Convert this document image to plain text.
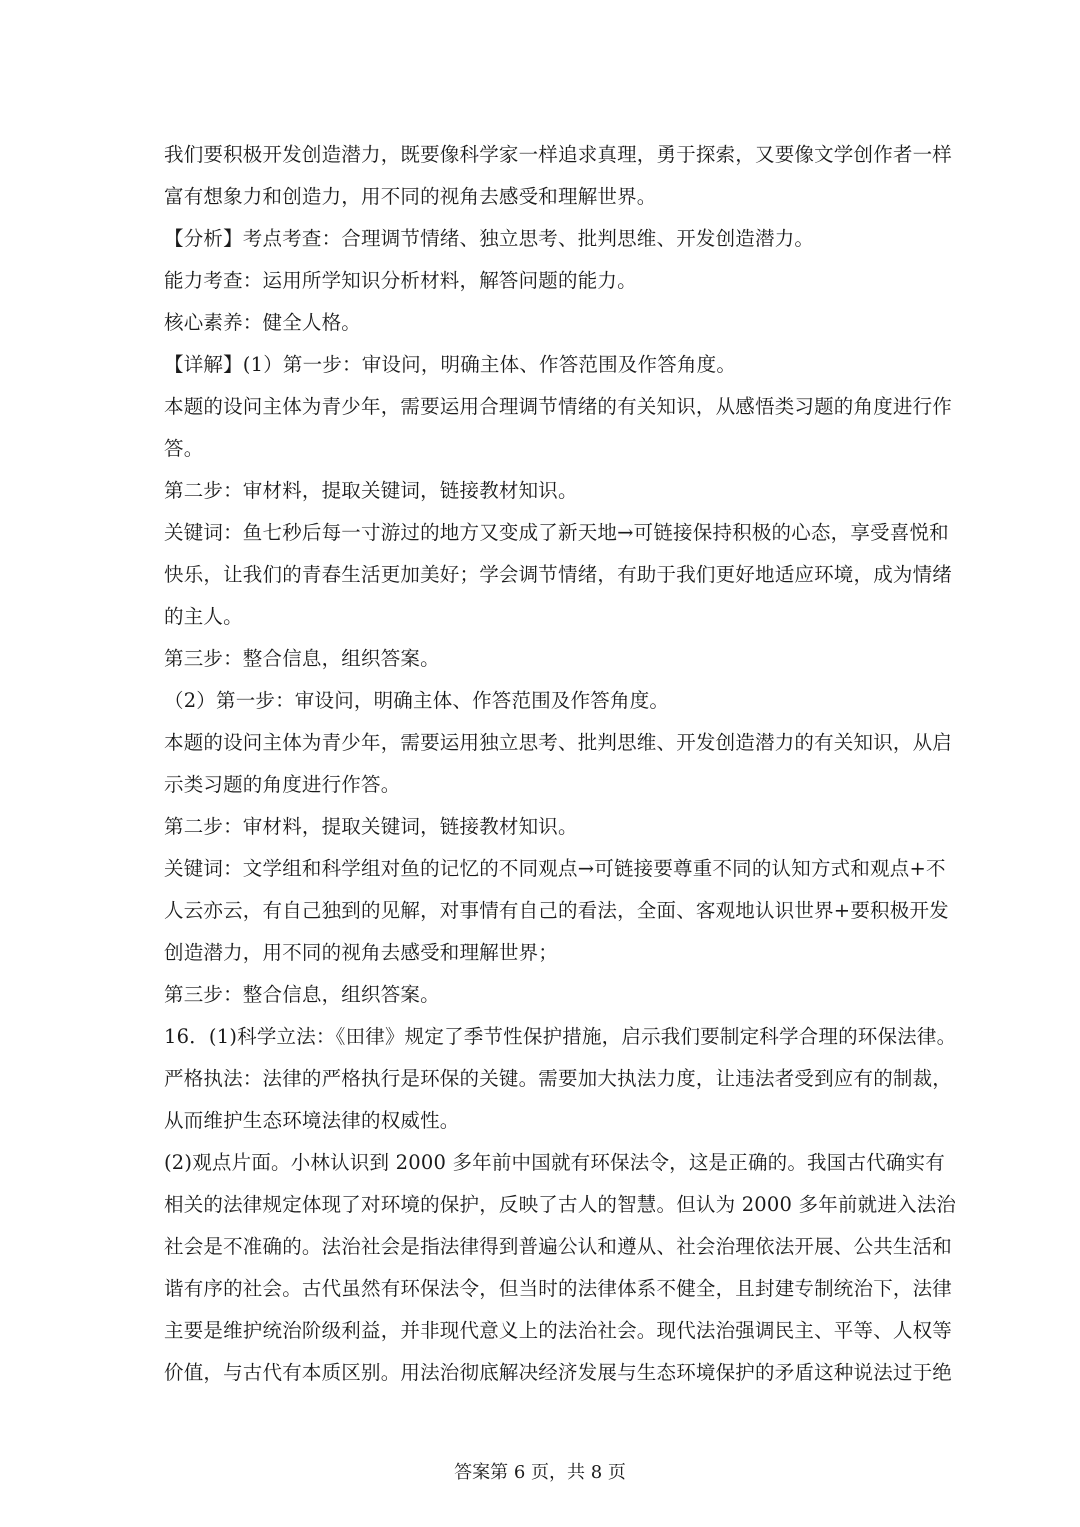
我们要积极开发创造潜力，既要像科学家一样追求真理，勇于探索，又要像文学创作者一样
富有想象力和创造力，用不同的视角去感受和理解世界。
【分析】考点考查：合理调节情绪、独立思考、批判思维、开发创造潜力。
能力考查：运用所学知识分析材料，解答问题的能力。
核心素养：健全人格。
【详解】(1）第一步：审设问，明确主体、作答范围及作答角度。
本题的设问主体为青少年，需要运用合理调节情绪的有关知识，从感悟类习题的角度进行作
答。
第二步：审材料，提取关键词，链接教材知识。
关键词：鱼七秒后每一寸游过的地方又变成了新天地→可链接保持积极的心态，享受喜悦和
快乐，让我们的青春生活更加美好；学会调节情绪，有助于我们更好地适应环境，成为情绪
的主人。
第三步：整合信息，组织答案。
（2）第一步：审设问，明确主体、作答范围及作答角度。
本题的设问主体为青少年，需要运用独立思考、批判思维、开发创造潜力的有关知识，从启
示类习题的角度进行作答。
第二步：审材料，提取关键词，链接教材知识。
关键词：文学组和科学组对鱼的记忆的不同观点→可链接要尊重不同的认知方式和观点+不
人云亦云，有自己独到的见解，对事情有自己的看法，全面、客观地认识世界+要积极开发
创造潜力，用不同的视角去感受和理解世界；
第三步：整合信息，组织答案。
16．(1)科学立法：《田律》规定了季节性保护措施，启示我们要制定科学合理的环保法律。
严格执法：法律的严格执行是环保的关键。需要加大执法力度，让违法者受到应有的制裁，
从而维护生态环境法律的权威性。
(2)观点片面。小林认识到 2000 多年前中国就有环保法令，这是正确的。我国古代确实有
相关的法律规定体现了对环境的保护，反映了古人的智慧。但认为 2000 多年前就进入法治
社会是不准确的。法治社会是指法律得到普遍公认和遵从、社会治理依法开展、公共生活和
谐有序的社会。古代虽然有环保法令，但当时的法律体系不健全，且封建专制统治下，法律
主要是维护统治阶级利益，并非现代意义上的法治社会。现代法治强调民主、平等、人权等
价值，与古代有本质区别。用法治彻底解决经济发展与生态环境保护的矛盾这种说法过于绝
答案第 6 页，共 8 页
